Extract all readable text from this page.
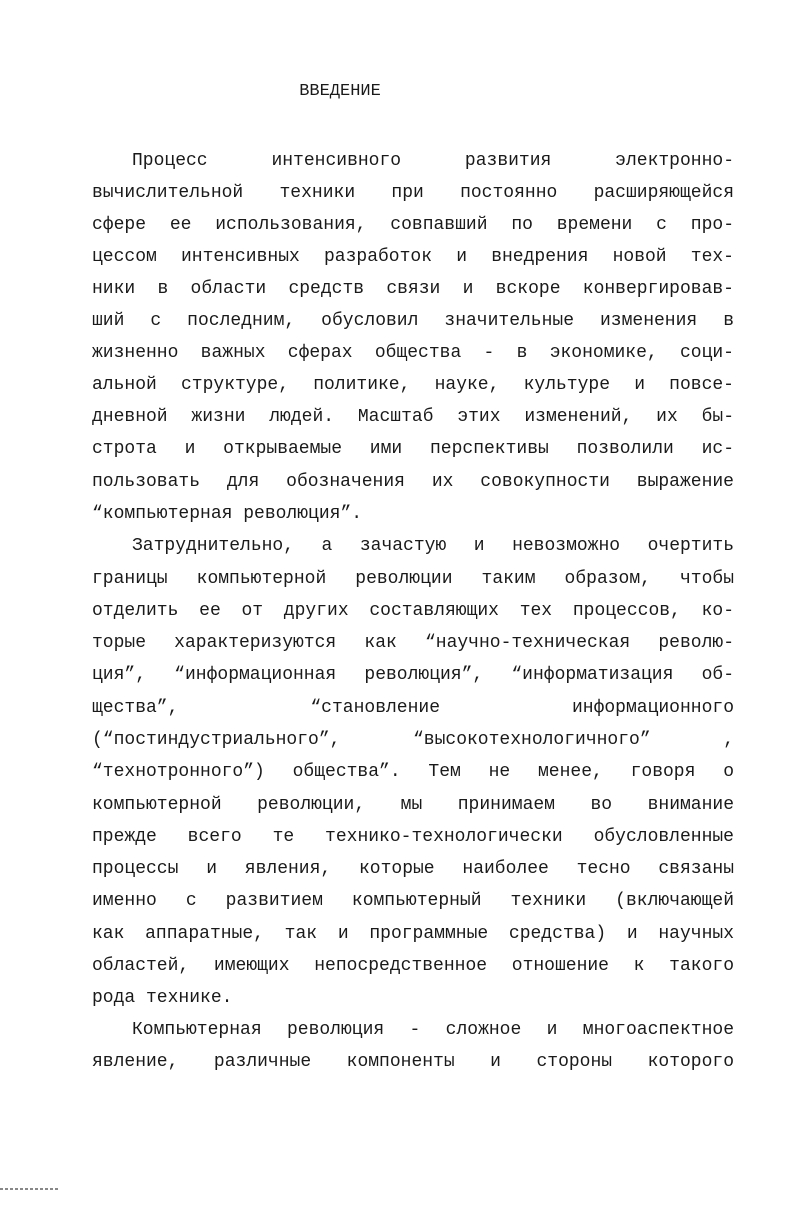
ВВЕДЕНИЕ
Процесс интенсивного развития электронно-
вычислительной техники при постоянно расширяющейся
сфере ее использования, совпавший по времени с про-
цессом интенсивных разработок и внедрения новой тех-
ники в области средств связи и вскоре конвергировав-
ший с последним, обусловил значительные изменения в
жизненно важных сферах общества - в экономике, соци-
альной структуре, политике, науке, культуре и повсе-
дневной жизни людей. Масштаб этих изменений, их бы-
строта и открываемые ими перспективы позволили ис-
пользовать для обозначения их совокупности выражение
“компьютерная революция”.
Затруднительно, а зачастую и невозможно очертить
границы компьютерной революции таким образом, чтобы
отделить ее от других составляющих тех процессов, ко-
торые характеризуются как “научно-техническая револю-
ция”, “информационная революция”, “информатизация об-
щества”, “становление информационного
(“постиндустриального”, “высокотехнологичного” ,
“технотронного”) общества”. Тем не менее, говоря о
компьютерной революции, мы принимаем во внимание
прежде всего те технико-технологически обусловленные
процессы и явления, которые наиболее тесно связаны
именно с развитием компьютерный техники (включающей
как аппаратные, так и программные средства) и научных
областей, имеющих непосредственное отношение к такого
рода технике.
Компьютерная революция - сложное и многоаспектное
явление, различные компоненты и стороны которого
